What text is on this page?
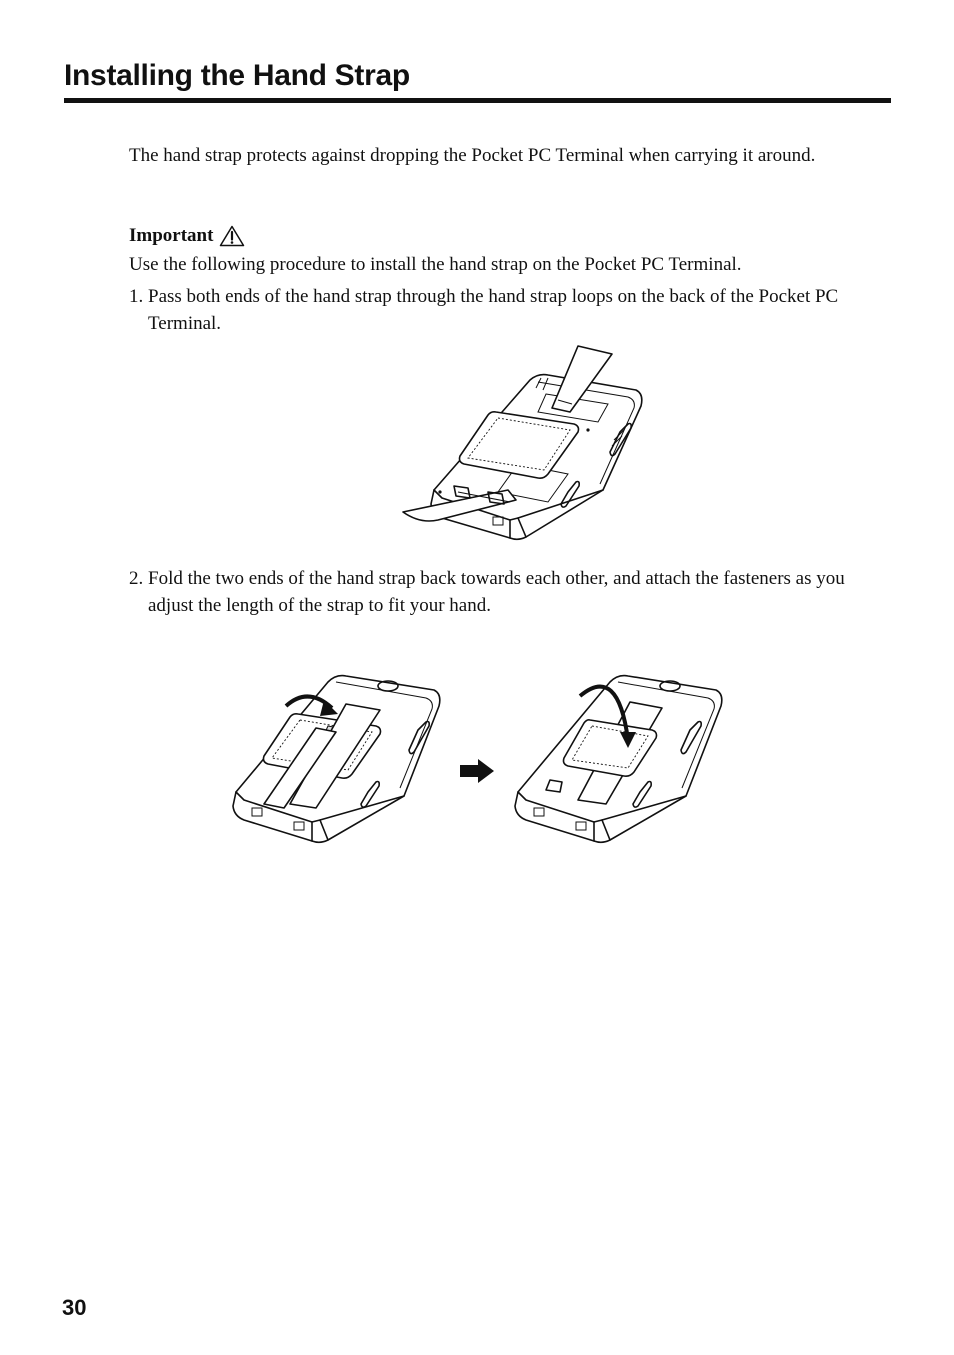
Installing the Hand Strap

The hand strap protects against dropping the Pocket PC Terminal when carrying it around.

Important

Use the following procedure to install the hand strap on the Pocket PC Terminal.

1. Pass both ends of the hand strap through the hand strap loops on the back of the Pocket PC Terminal.
2. Fold the two ends of the hand strap back towards each other, and attach the fasteners as you adjust the length of the strap to fit your hand.
30
